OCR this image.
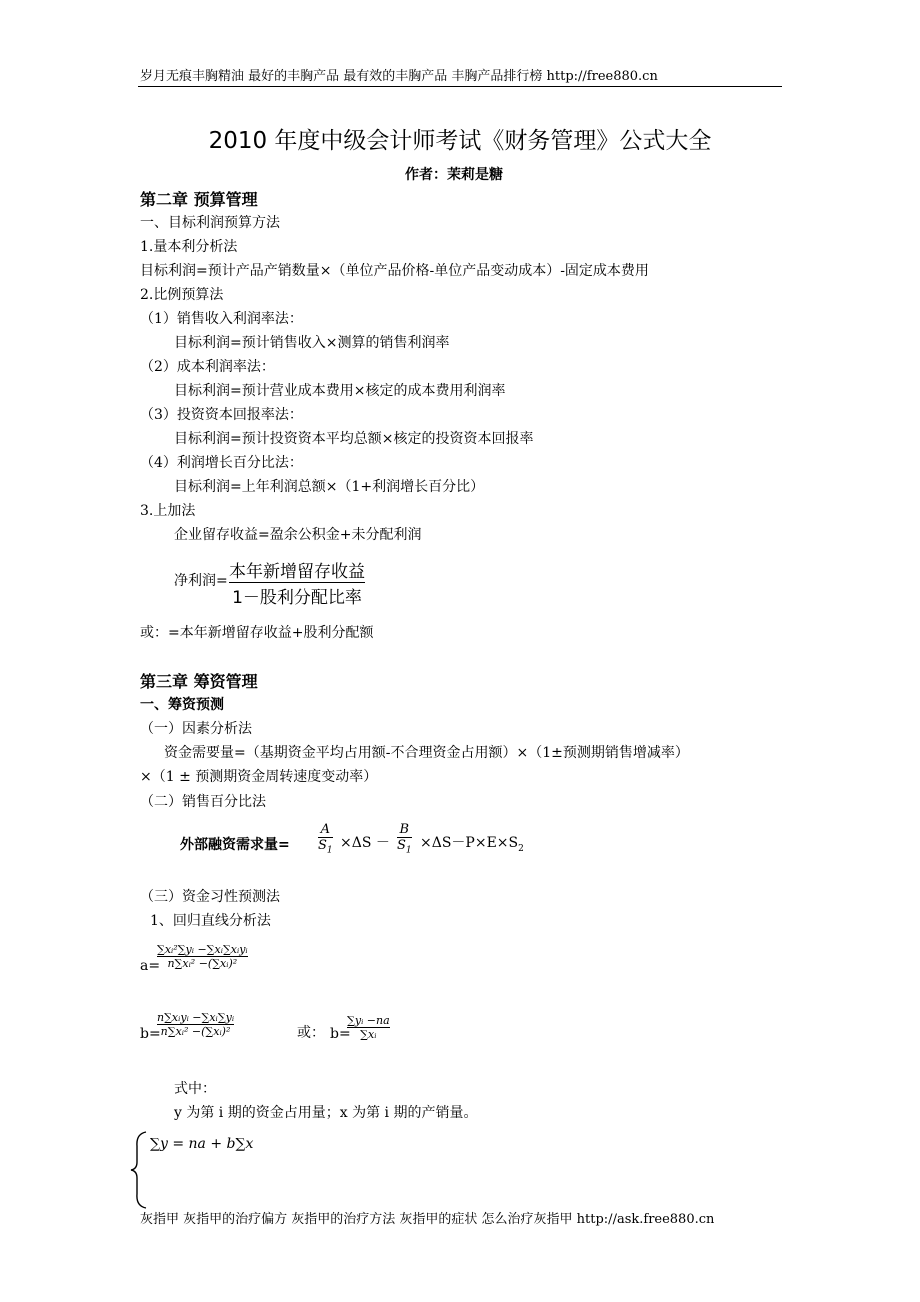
岁月无痕丰胸精油 最好的丰胸产品 最有效的丰胸产品 丰胸产品排行榜 http://free880.cn
2010 年度中级会计师考试《财务管理》公式大全
作者：茉莉是糖
第二章 预算管理
一、目标利润预算方法
1.量本利分析法
目标利润=预计产品产销数量×（单位产品价格-单位产品变动成本）-固定成本费用
2.比例预算法
（1）销售收入利润率法：
目标利润=预计销售收入×测算的销售利润率
（2）成本利润率法：
目标利润=预计营业成本费用×核定的成本费用利润率
（3）投资资本回报率法：
目标利润=预计投资资本平均总额×核定的投资资本回报率
（4）利润增长百分比法：
目标利润=上年利润总额×（1+利润增长百分比）
3.上加法
企业留存收益=盈余公积金+未分配利润
净利润= 本年新增留存收益
1－股利分配比率
或：=本年新增留存收益+股利分配额
第三章 筹资管理
一、筹资预测
（一）因素分析法
资金需要量=（基期资金平均占用额-不合理资金占用额）×（1±预测期销售增减率）
×（1 ± 预测期资金周转速度变动率）
（二）销售百分比法
外部融资需求量=
A
$S_1 \times\Delta S$ －
B
$S_1 \times\Delta S-P\times E\times S_2$
（三）资金习性预测法
1、回归直线分析法
a=
∑xᵢ²∑yᵢ −∑xᵢ∑xᵢyᵢ
n∑xᵢ² −(∑xᵢ)²
b=
n∑xᵢyᵢ −∑xᵢ∑yᵢ
n∑xᵢ² −(∑xᵢ)²	或： b=
∑yᵢ −na
∑xᵢ
式中：
y 为第 i 期的资金占用量；x 为第 i 期的产销量。
∑y = na + b∑x
灰指甲 灰指甲的治疗偏方 灰指甲的治疗方法 灰指甲的症状 怎么治疗灰指甲 http://ask.free880.cn
